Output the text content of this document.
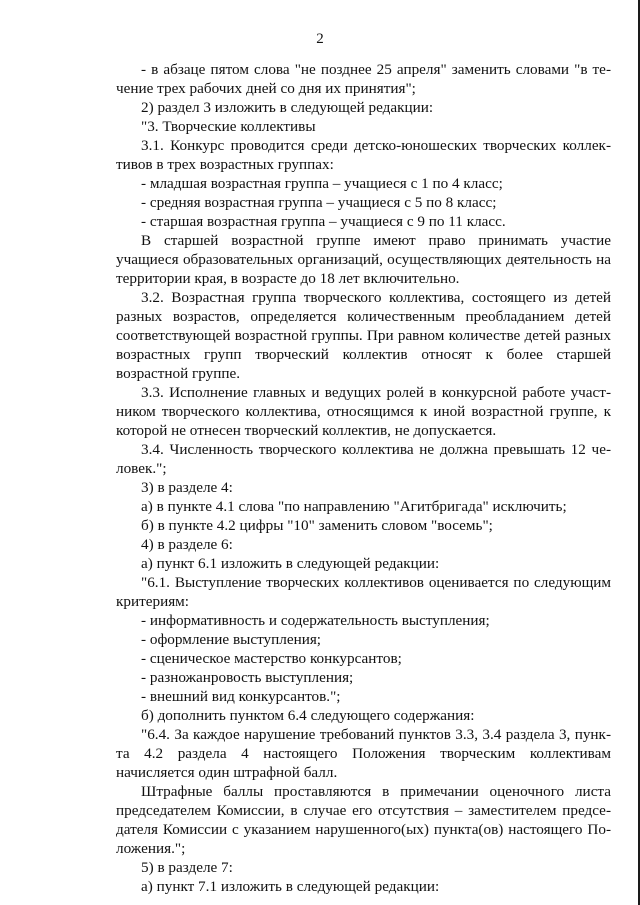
2

- в абзаце пятом слова "не позднее 25 апреля" заменить словами "в течение трех рабочих дней со дня их принятия";

2) раздел 3 изложить в следующей редакции:

"3. Творческие коллективы

3.1. Конкурс проводится среди детско-юношеских творческих коллективов в трех возрастных группах:

- младшая возрастная группа – учащиеся с 1 по 4 класс;

- средняя возрастная группа – учащиеся с 5 по 8 класс;

- старшая возрастная группа – учащиеся с 9 по 11 класс.

В старшей возрастной группе имеют право принимать участие учащиеся образовательных организаций, осуществляющих деятельность на территории края, в возрасте до 18 лет включительно.

3.2. Возрастная группа творческого коллектива, состоящего из детей разных возрастов, определяется количественным преобладанием детей соответствующей возрастной группы. При равном количестве детей разных возрастных групп творческий коллектив относят к более старшей возрастной группе.

3.3. Исполнение главных и ведущих ролей в конкурсной работе участником творческого коллектива, относящимся к иной возрастной группе, к которой не отнесен творческий коллектив, не допускается.

3.4. Численность творческого коллектива не должна превышать 12 человек.";

3) в разделе 4:

а) в пункте 4.1 слова "по направлению "Агитбригада" исключить;

б) в пункте 4.2 цифры "10" заменить словом "восемь";

4) в разделе 6:

а) пункт 6.1 изложить в следующей редакции:

"6.1. Выступление творческих коллективов оценивается по следующим критериям:

- информативность и содержательность выступления;

- оформление выступления;

- сценическое мастерство конкурсантов;

- разножанровость выступления;

- внешний вид конкурсантов.";

б) дополнить пунктом 6.4 следующего содержания:

"6.4. За каждое нарушение требований пунктов 3.3, 3.4 раздела 3, пункта 4.2 раздела 4 настоящего Положения творческим коллективам начисляется один штрафной балл.

Штрафные баллы проставляются в примечании оценочного листа председателем Комиссии, в случае его отсутствия – заместителем председателя Комиссии с указанием нарушенного(ых) пункта(ов) настоящего Положения.";

5) в разделе 7:

а) пункт 7.1 изложить в следующей редакции:
